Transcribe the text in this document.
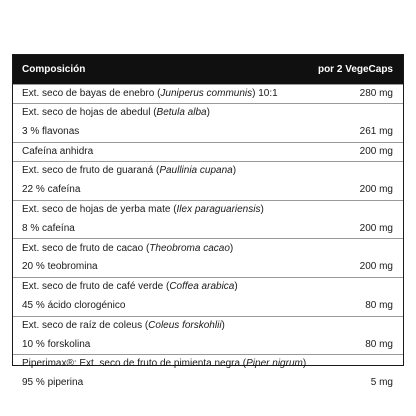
Composición	por 2 VegeCaps
Ext. seco de bayas de enebro (Juniperus communis) 10:1	280 mg
Ext. seco de hojas de abedul (Betula alba)
3 % flavonas	261 mg
Cafeína anhidra	200 mg
Ext. seco de fruto de guaraná (Paullinia cupana)
22 % cafeína	200 mg
Ext. seco de hojas de yerba mate (Ilex paraguariensis)
8 % cafeína	200 mg
Ext. seco de fruto de cacao (Theobroma cacao)
20 % teobromina	200 mg
Ext. seco de fruto de café verde (Coffea arabica)
45 % ácido clorogénico	80 mg
Ext. seco de raíz de coleus (Coleus forskohlii)
10 % forskolina	80 mg
Piperimax®: Ext. seco de fruto de pimienta negra (Piper nigrum)
95 % piperina	5 mg
